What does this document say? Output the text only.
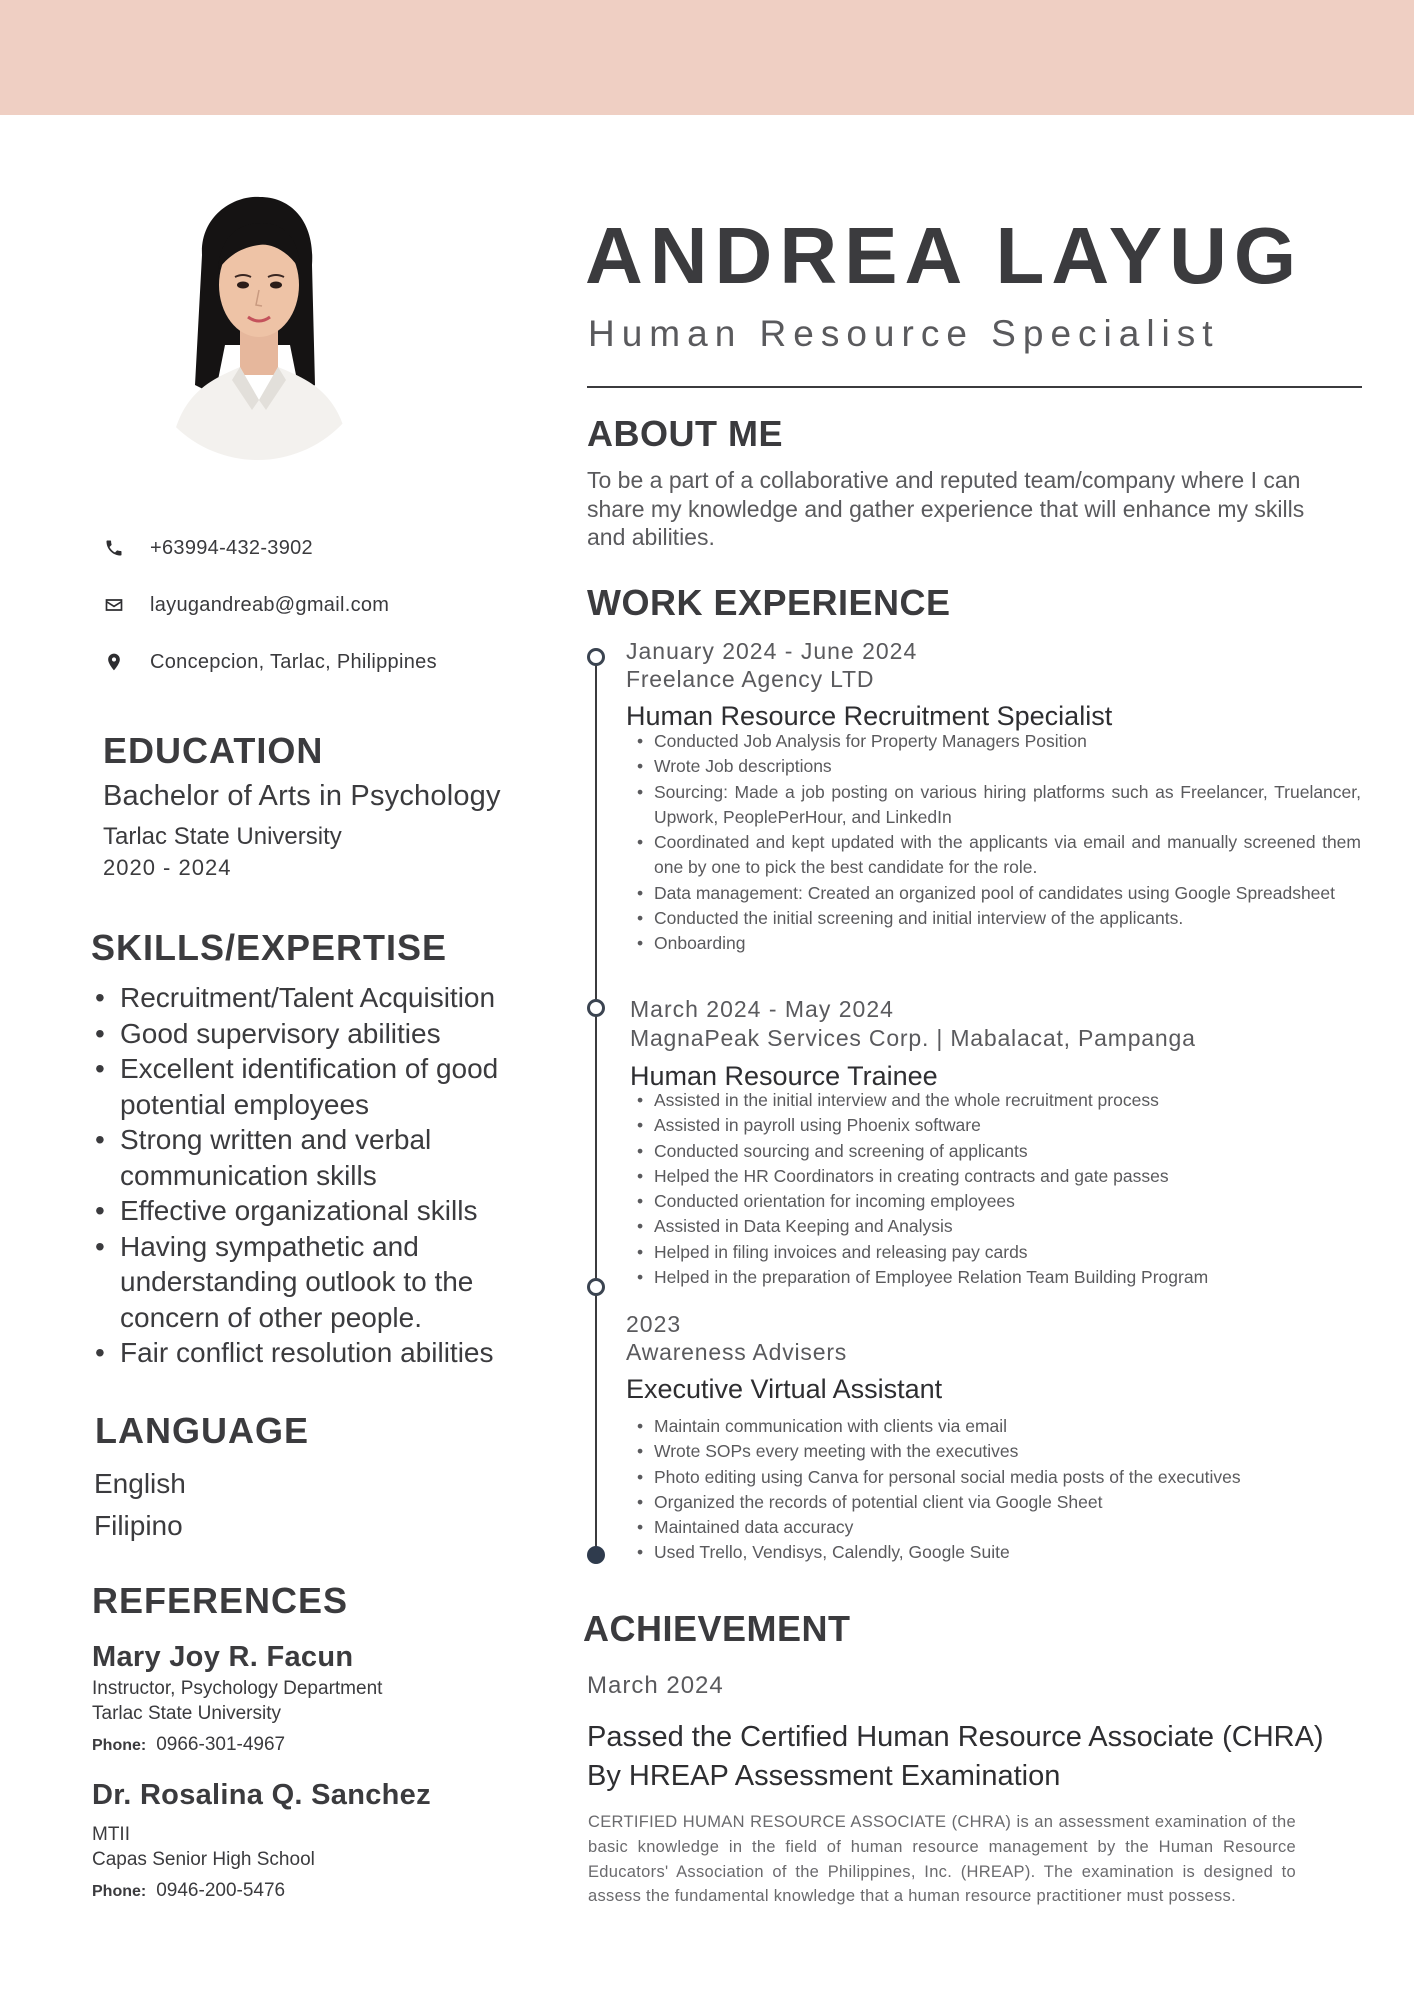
+63994-432-3902
layugandreab@gmail.com
Concepcion, Tarlac, Philippines
EDUCATION
Bachelor of Arts in Psychology
Tarlac State University
2020 - 2024
SKILLS/EXPERTISE
• Recruitment/Talent Acquisition
• Good supervisory abilities
• Excellent identification of good potential employees
• Strong written and verbal communication skills
• Effective organizational skills
• Having sympathetic and understanding outlook to the concern of other people.
• Fair conflict resolution abilities
LANGUAGE
English
Filipino
REFERENCES
Mary Joy R. Facun
Instructor, Psychology Department
Tarlac State University
Phone: 0966-301-4967
Dr. Rosalina Q. Sanchez
MTII
Capas Senior High School
Phone: 0946-200-5476
ANDREA LAYUG
Human Resource Specialist
ABOUT ME
To be a part of a collaborative and reputed team/company where I can share my knowledge and gather experience that will enhance my skills and abilities.
WORK EXPERIENCE
January 2024 - June 2024
Freelance Agency LTD
Human Resource Recruitment Specialist
• Conducted Job Analysis for Property Managers Position
• Wrote Job descriptions
• Sourcing: Made a job posting on various hiring platforms such as Freelancer, Truelancer, Upwork, PeoplePerHour, and LinkedIn
• Coordinated and kept updated with the applicants via email and manually screened them one by one to pick the best candidate for the role.
• Data management: Created an organized pool of candidates using Google Spreadsheet
• Conducted the initial screening and initial interview of the applicants.
• Onboarding
March 2024 - May 2024
MagnaPeak Services Corp. | Mabalacat, Pampanga
Human Resource Trainee
• Assisted in the initial interview and the whole recruitment process
• Assisted in payroll using Phoenix software
• Conducted sourcing and screening of applicants
• Helped the HR Coordinators in creating contracts and gate passes
• Conducted orientation for incoming employees
• Assisted in Data Keeping and Analysis
• Helped in filing invoices and releasing pay cards
• Helped in the preparation of Employee Relation Team Building Program
2023
Awareness Advisers
Executive Virtual Assistant
• Maintain communication with clients via email
• Wrote SOPs every meeting with the executives
• Photo editing using Canva for personal social media posts of the executives
• Organized the records of potential client via Google Sheet
• Maintained data accuracy
• Used Trello, Vendisys, Calendly, Google Suite
ACHIEVEMENT
March 2024
Passed the Certified Human Resource Associate (CHRA) By HREAP Assessment Examination
CERTIFIED HUMAN RESOURCE ASSOCIATE (CHRA) is an assessment examination of the basic knowledge in the field of human resource management by the Human Resource Educators' Association of the Philippines, Inc. (HREAP). The examination is designed to assess the fundamental knowledge that a human resource practitioner must possess.
